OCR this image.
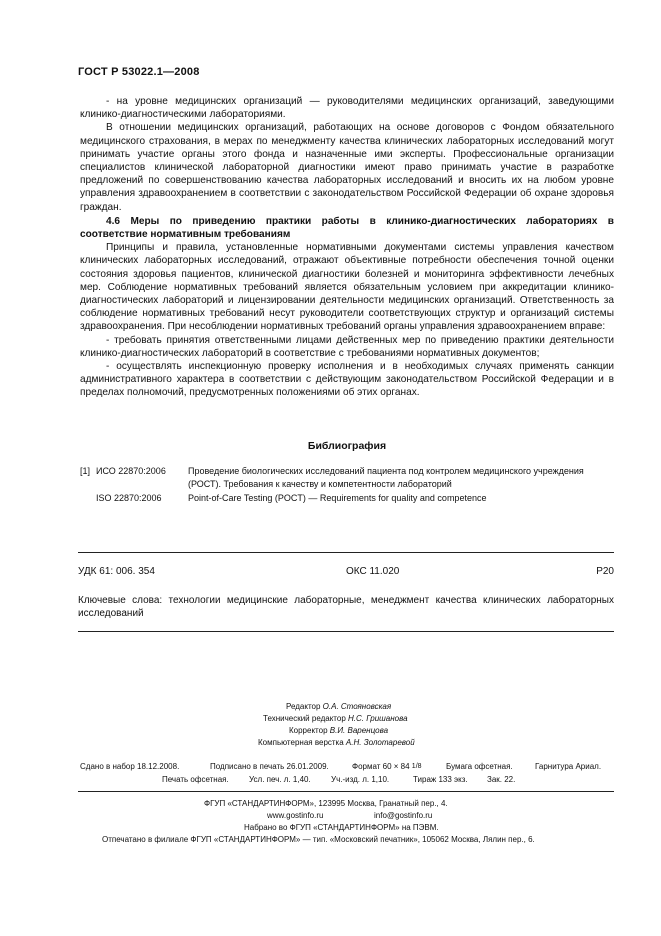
ГОСТ Р 53022.1—2008

- на уровне медицинских организаций — руководителями медицинских организаций, заведующими клинико-диагностическими лабораториями.

В отношении медицинских организаций, работающих на основе договоров с Фондом обязательного медицинского страхования, в мерах по менеджменту качества клинических лабораторных исследований могут принимать участие органы этого фонда и назначенные ими эксперты. Профессиональные организации специалистов клинической лабораторной диагностики имеют право принимать участие в разработке предложений по совершенствованию качества лабораторных исследований и вносить их на любом уровне управления здравоохранением в соответствии с законодательством Российской Федерации об охране здоровья граждан.

4.6 Меры по приведению практики работы в клинико-диагностических лабораториях в соответствие нормативным требованиям

Принципы и правила, установленные нормативными документами системы управления качеством клинических лабораторных исследований, отражают объективные потребности обеспечения точной оценки состояния здоровья пациентов, клинической диагностики болезней и мониторинга эффективности лечебных мер. Соблюдение нормативных требований является обязательным условием при аккредитации клинико-диагностических лабораторий и лицензировании деятельности медицинских организаций. Ответственность за соблюдение нормативных требований несут руководители соответствующих структур и организаций системы здравоохранения. При несоблюдении нормативных требований органы управления здравоохранением вправе:

- требовать принятия ответственными лицами действенных мер по приведению практики деятельности клинико-диагностических лабораторий в соответствие с требованиями нормативных документов;

- осуществлять инспекционную проверку исполнения и в необходимых случаях применять санкции административного характера в соответствии с действующим законодательством Российской Федерации и в пределах полномочий, предусмотренных положениями об этих органах.

Библиография
[1] ИСО 22870:2006	Проведение биологических исследований пациента под контролем медицинского учреждения (РОСТ). Требования к качеству и компетентности лабораторий
ISO 22870:2006	Point-of-Care Testing (POCT) — Requirements for quality and competence
УДК 61: 006. 354	ОКС 11.020	Р20
Ключевые слова: технологии медицинские лабораторные, менеджмент качества клинических лабораторных исследований
Редактор О.А. Стояновская
Технический редактор Н.С. Гришанова
Корректор В.И. Варенцова
Компьютерная верстка А.Н. Золотаревой
Сдано в набор 18.12.2008.	Подписано в печать 26.01.2009.	Формат 60 × 84 1/8	Бумага офсетная.	Гарнитура Ариал.
Печать офсетная.	Усл. печ. л. 1,40.	Уч.-изд. л. 1,10.	Тираж 133 экз. Зак. 22.
ФГУП «СТАНДАРТИНФОРМ», 123995 Москва, Гранатный пер., 4.
www.gostinfo.ru	info@gostinfo.ru
Набрано во ФГУП «СТАНДАРТИНФОРМ» на ПЭВМ.
Отпечатано в филиале ФГУП «СТАНДАРТИНФОРМ» — тип. «Московский печатник», 105062 Москва, Лялин пер., 6.
